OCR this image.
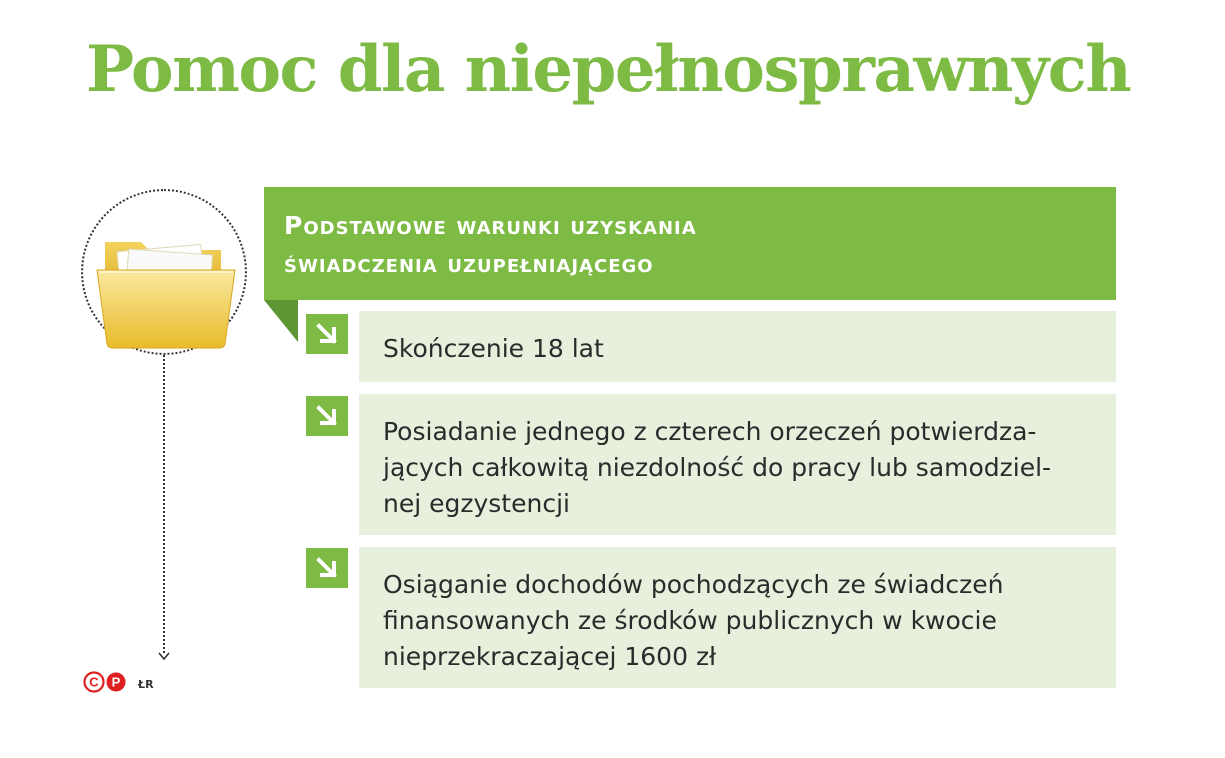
Pomoc dla niepełnosprawnych
C P ŁR
Podstawowe warunki uzyskania
świadczenia uzupełniającego
Skończenie 18 lat
Posiadanie jednego z czterech orzeczeń potwierdza-
jących całkowitą niezdolność do pracy lub samodziel-
nej egzystencji
Osiąganie dochodów pochodzących ze świadczeń
finansowanych ze środków publicznych w kwocie
nieprzekraczającej 1600 zł
